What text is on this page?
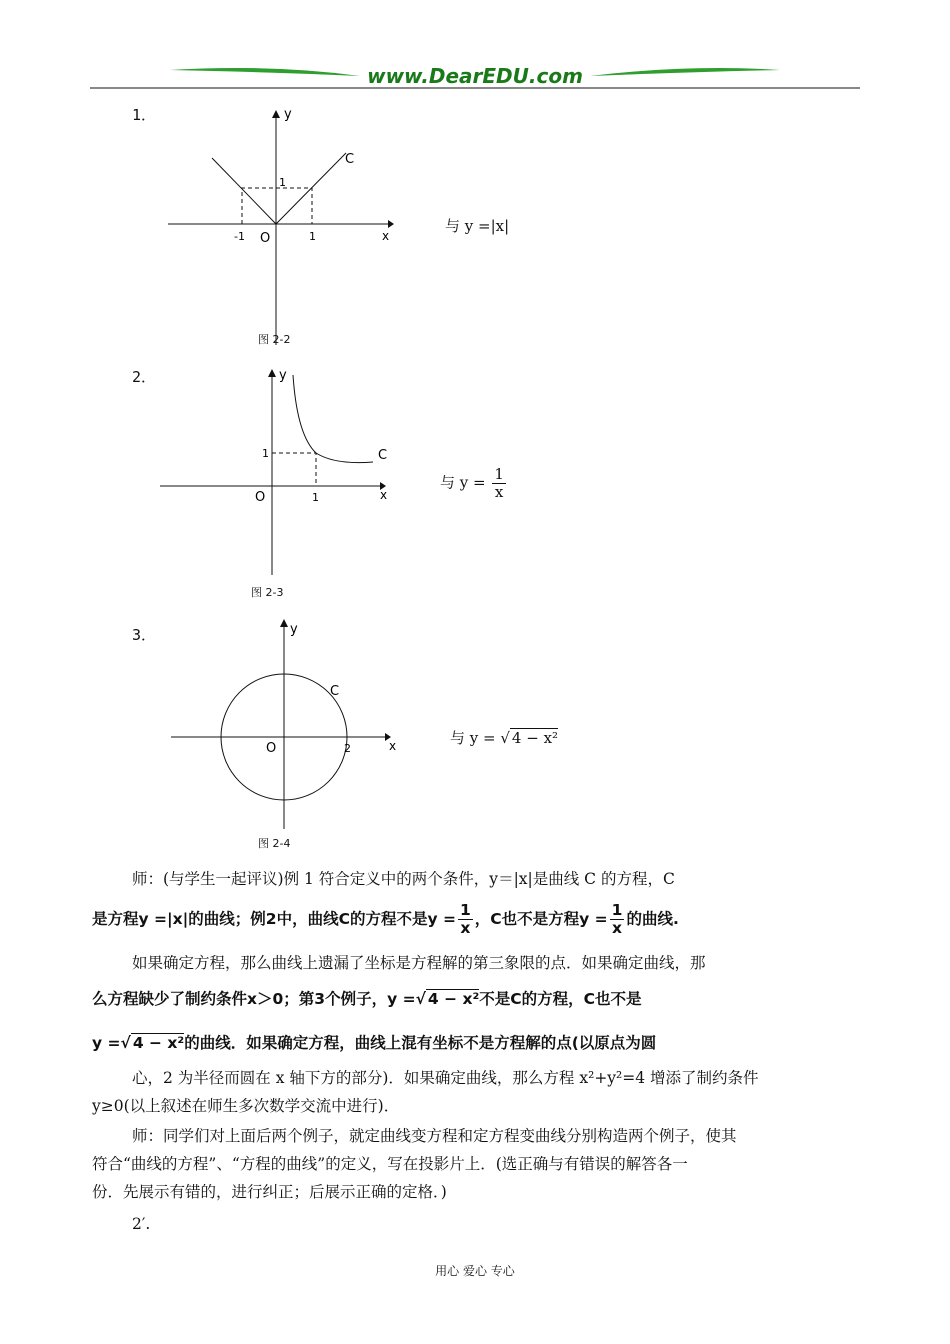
www.DearEDU.com
1．	y
x
O
C
-1	1
1
图 2-2
与 y =|x|
2．	y
x
O
C
1
1
图 2-3
与 $y = \frac{1}{x}$
3．	y
x
O
C
2
图 2-4
与 y = √ 4 − x²
师：(与学生一起评议)例 1 符合定义中的两个条件，y＝|x|是曲线 C 的方程，C
是方程y =|x|的曲线；例2中，曲线C的方程不是$y = \frac{1}{x}$ ，C也不是方程$y = \frac{1}{x}$ 的曲线.
如果确定方程，那么曲线上遗漏了坐标是方程解的第三象限的点．如果确定曲线，那
么方程缺少了制约条件x＞0；第3个例子，y =√ 4 − x²不是C的方程，C也不是
y =√ 4 − x²的曲线．如果确定方程，曲线上混有坐标不是方程解的点(以原点为圆
心，2 为半径而圆在 x 轴下方的部分)．如果确定曲线，那么方程 x²+y²=4 增添了制约条件
y≥0(以上叙述在师生多次数学交流中进行)．
师：同学们对上面后两个例子，就定曲线变方程和定方程变曲线分别构造两个例子，使其
符合“曲线的方程”、“方程的曲线”的定义，写在投影片上．(选正确与有错误的解答各一
份．先展示有错的，进行纠正；后展示正确的定格．)
2′.
用心 爱心 专心
